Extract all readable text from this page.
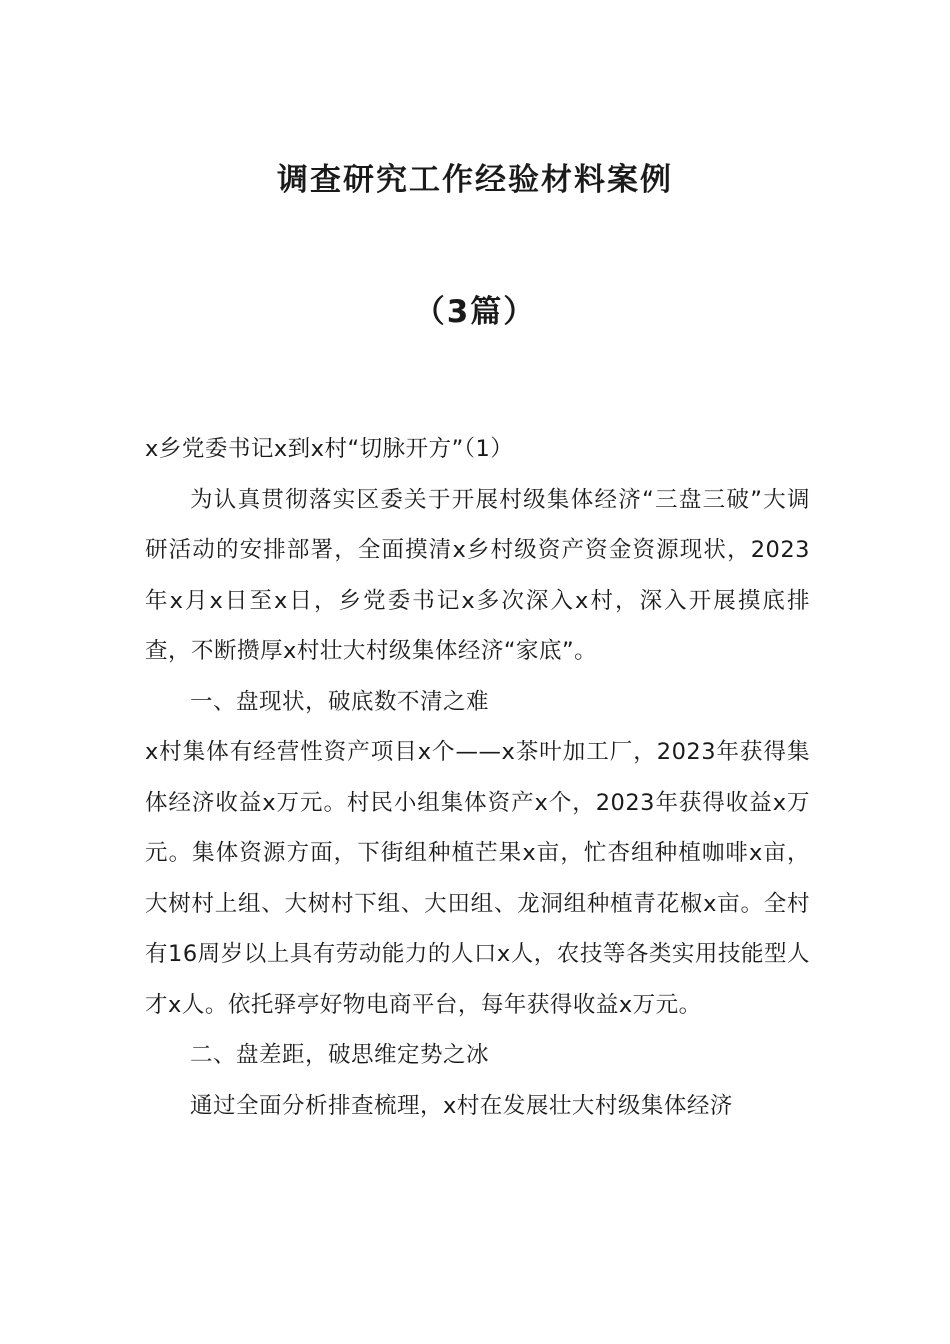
调查研究工作经验材料案例
（3篇）

x乡党委书记x到x村“切脉开方”（1）

为认真贯彻落实区委关于开展村级集体经济“三盘三破”大调研活动的安排部署，全面摸清x乡村级资产资金资源现状，2023年x月x日至x日，乡党委书记x多次深入x村，深入开展摸底排查，不断攒厚x村壮大村级集体经济“家底”。

一、盘现状，破底数不清之难

x村集体有经营性资产项目x个——x茶叶加工厂，2023年获得集体经济收益x万元。村民小组集体资产x个，2023年获得收益x万元。集体资源方面，下街组种植芒果x亩，忙杏组种植咖啡x亩，大树村上组、大树村下组、大田组、龙洞组种植青花椒x亩。全村有16周岁以上具有劳动能力的人口x人，农技等各类实用技能型人才x人。依托驿亭好物电商平台，每年获得收益x万元。

二、盘差距，破思维定势之冰

通过全面分析排查梳理，x村在发展壮大村级集体经济
